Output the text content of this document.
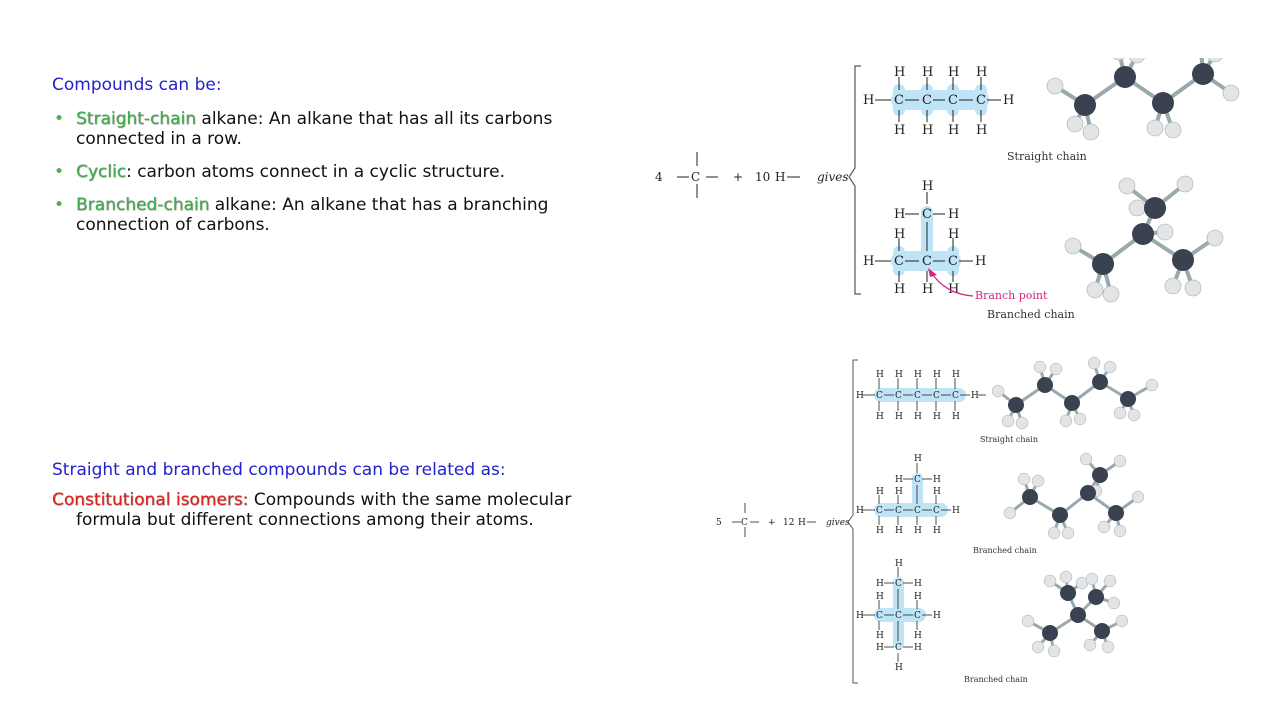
Compounds can be:
• Straight-chain alkane: An alkane that has all its carbons connected in a row.
• Cyclic: carbon atoms connect in a cyclic structure.
• Branched-chain alkane: An alkane that has a branching connection of carbons.
Straight and branched compounds can be related as:
Constitutional isomers: Compounds with the same molecular formula but different connections among their atoms.
4 C	+ 10 H	gives
H C C C C H
H H H H
H H H H
Straight chain
H
H C H
H	H
H C C C H
H H H Branch point
Branched chain
5 C + 12 H gives
H C C C C C H
H H H H H
H H H H H
Straight chain
H
H C H
H H	H
H C C C C H
H H H H
Branched chain
H
H C H
H	H
H C C C H
H	H
H C H
H
Branched chain
